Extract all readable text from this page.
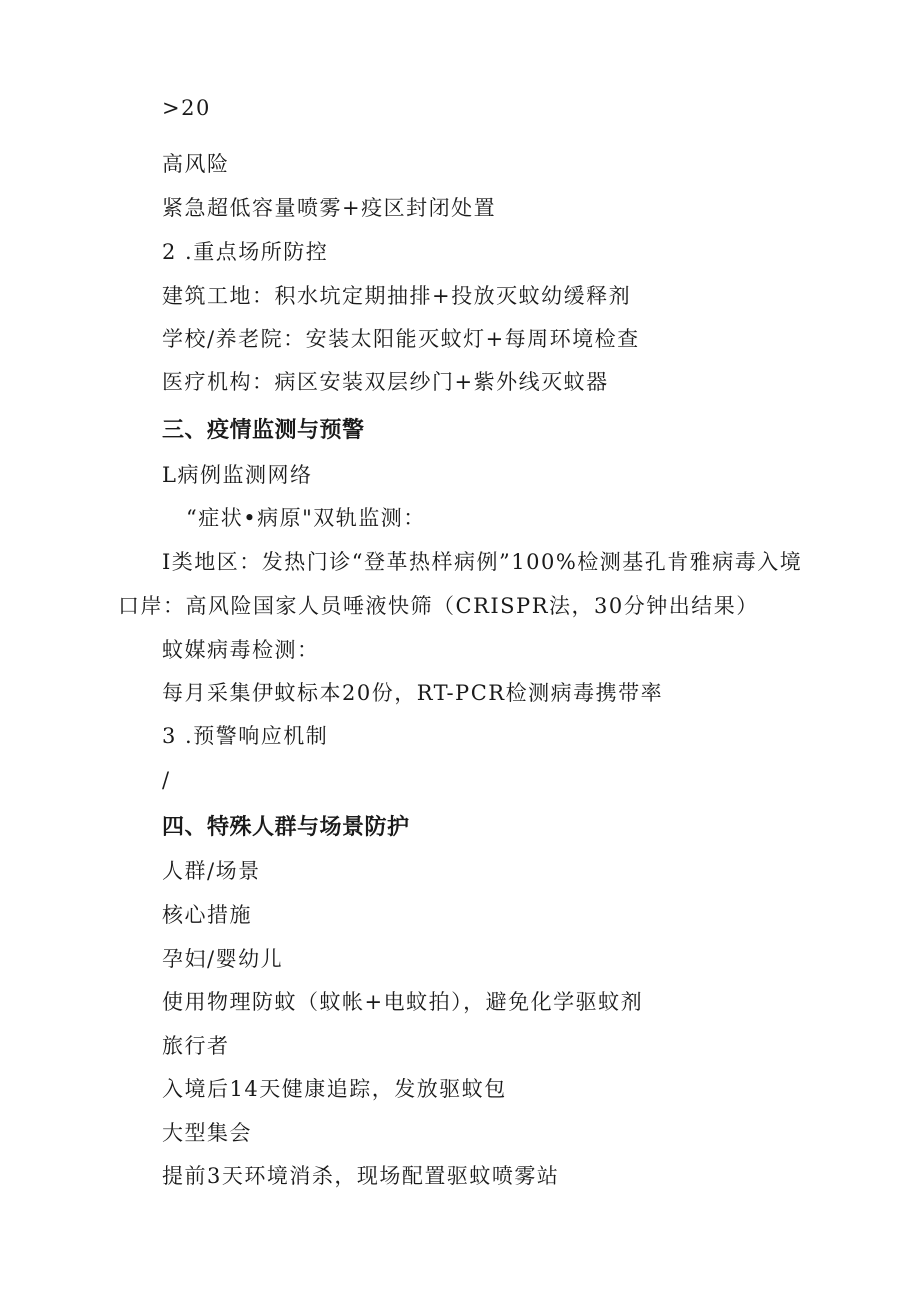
>20
高风险
紧急超低容量喷雾+疫区封闭处置
2 .重点场所防控
建筑工地：积水坑定期抽排+投放灭蚊幼缓释剂
学校/养老院：安装太阳能灭蚊灯+每周环境检查
医疗机构：病区安装双层纱门+紫外线灭蚊器
三、疫情监测与预警
L病例监测网络
“症状•病原"双轨监测：
I类地区：发热门诊“登革热样病例”100%检测基孔肯雅病毒入境
口岸：高风险国家人员唾液快筛（CRISPR法，30分钟出结果）
蚊媒病毒检测：
每月采集伊蚊标本20份，RT-PCR检测病毒携带率
3 .预警响应机制
/
四、特殊人群与场景防护
人群/场景
核心措施
孕妇/婴幼儿
使用物理防蚊（蚊帐+电蚊拍），避免化学驱蚊剂
旅行者
入境后14天健康追踪，发放驱蚊包
大型集会
提前3天环境消杀，现场配置驱蚊喷雾站
